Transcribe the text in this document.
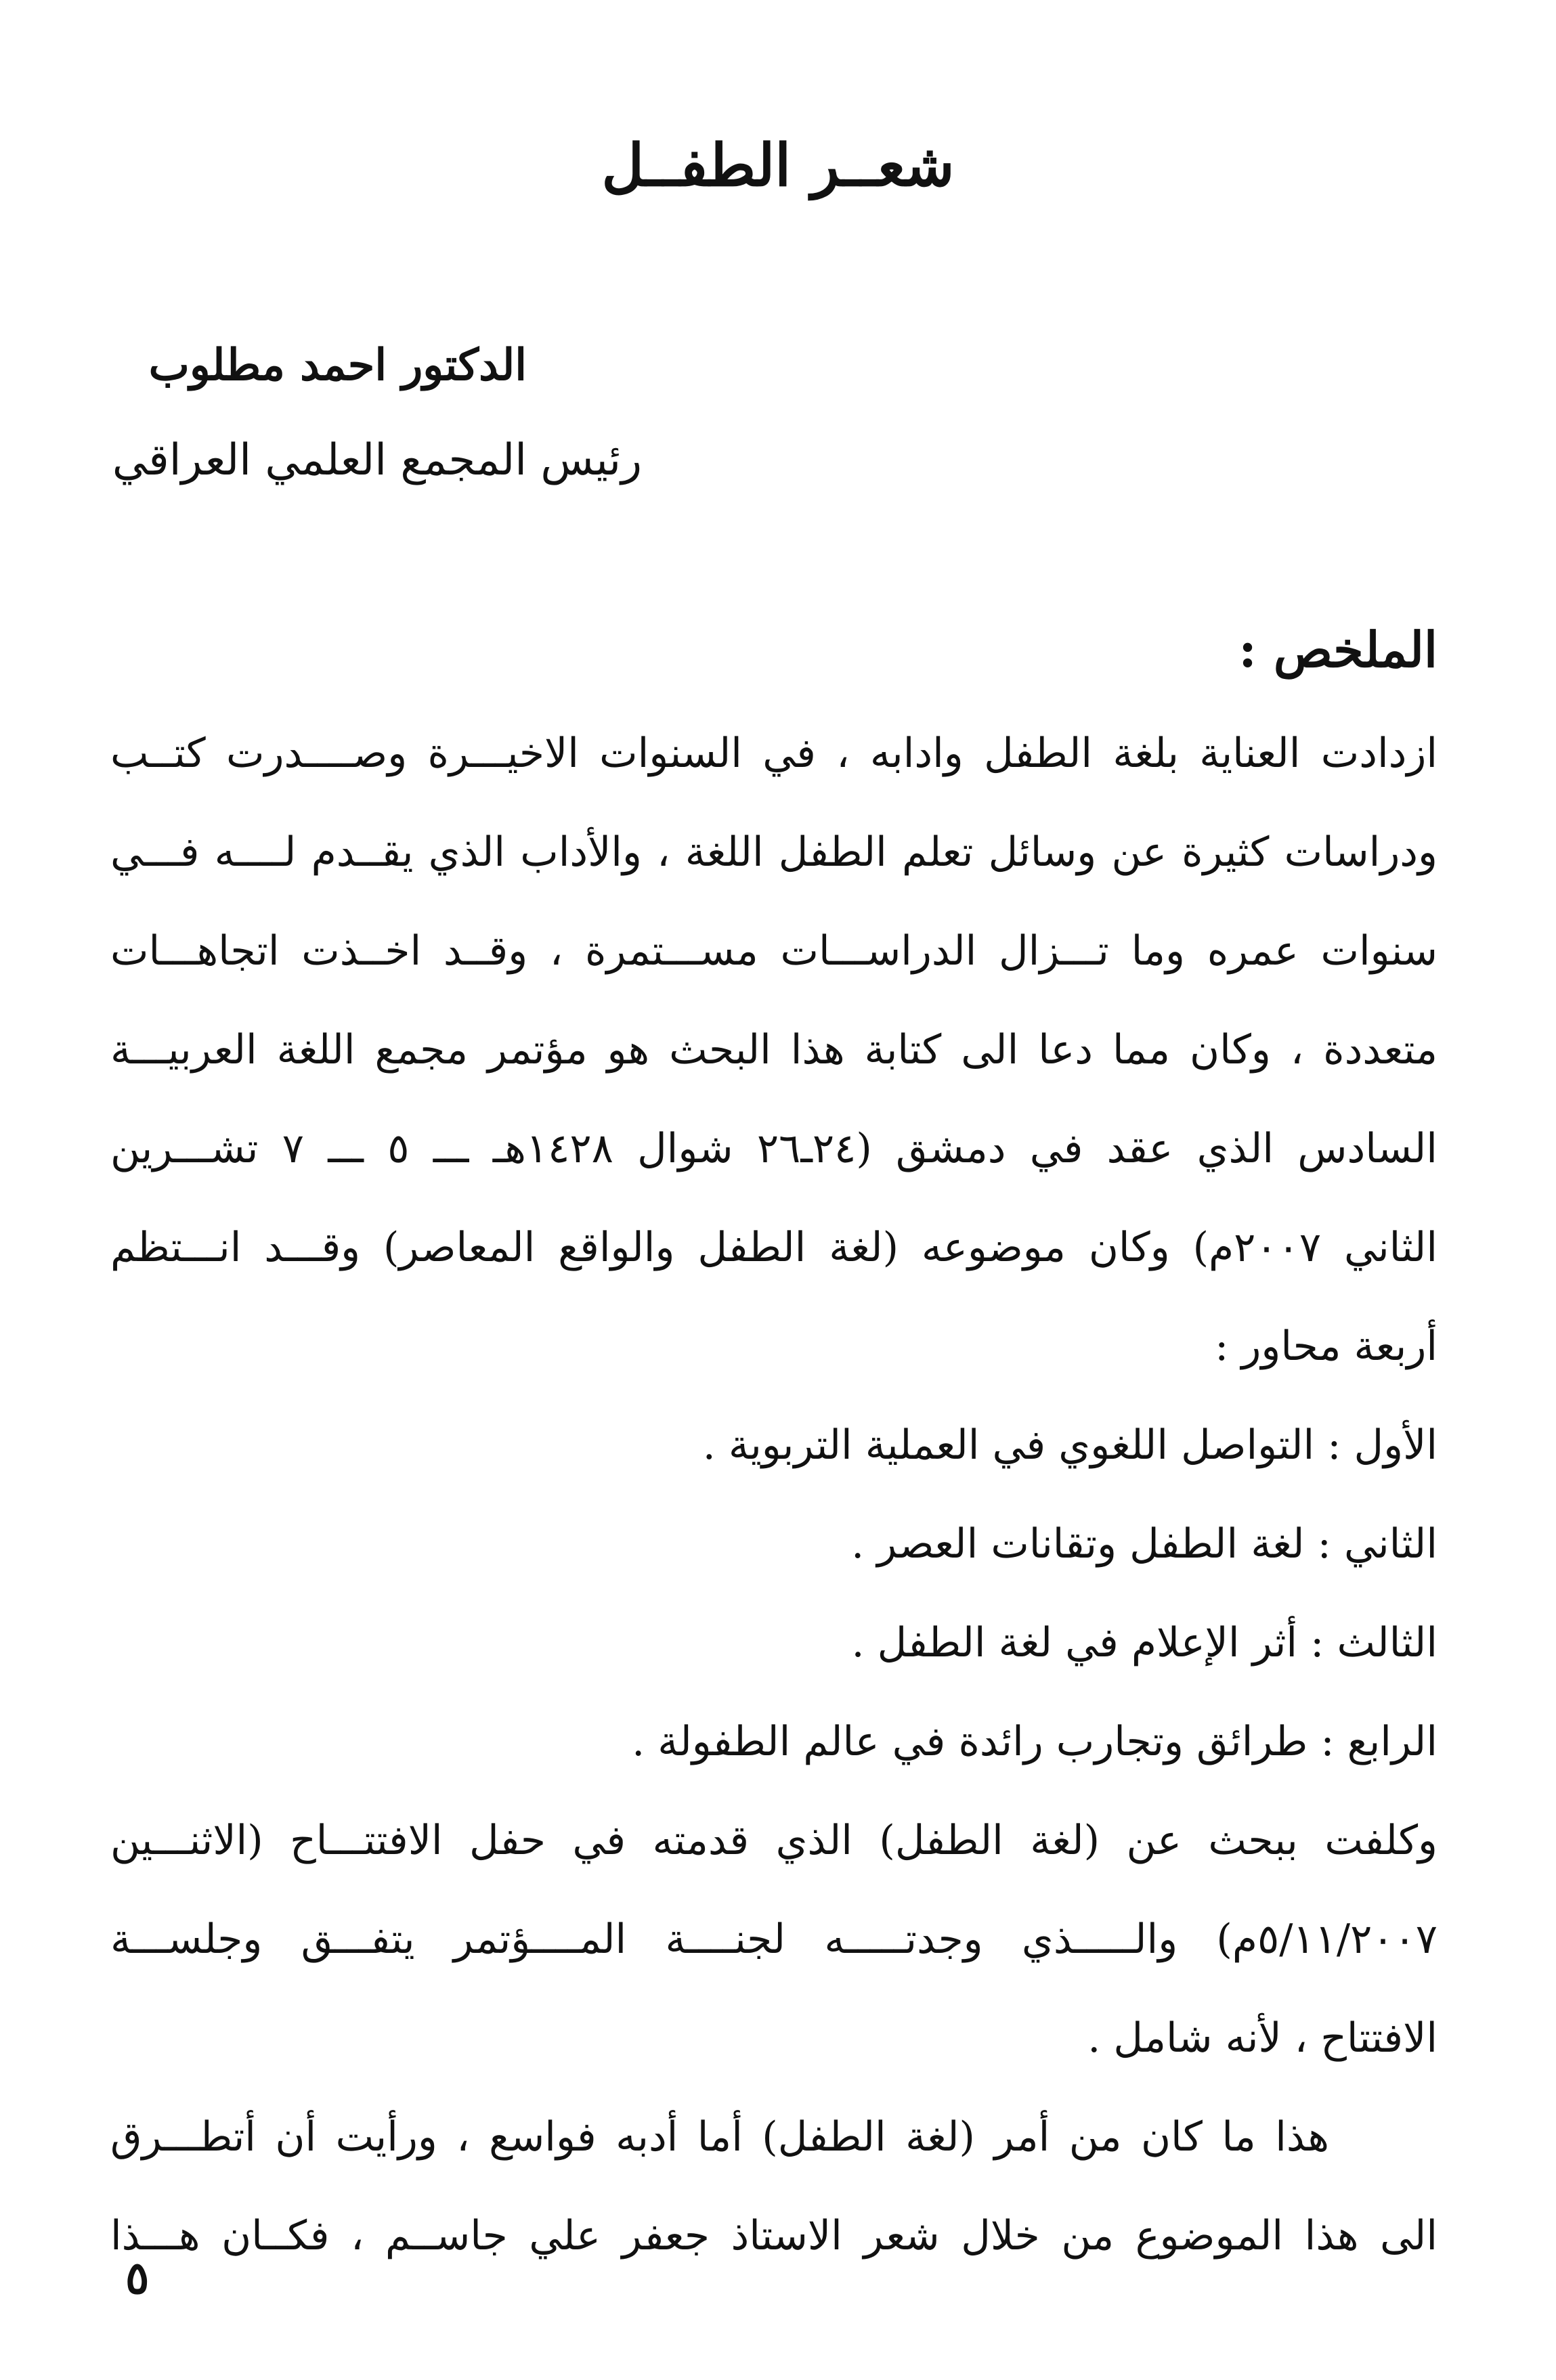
شعــر الطفــل
الدكتور احمد مطلوب
رئيس المجمع العلمي العراقي
الملخص :
ازدادت العناية بلغة الطفل وادابه ، في السنوات الاخيـــرة وصــــدرت كتــب
ودراسات كثيرة عن وسائل تعلم الطفل اللغة ، والأداب الذي يقــدم لــــه فـــي
سنوات عمره وما تـــزال الدراســـات مســـتمرة ، وقــد اخــذت اتجاهـــات
متعددة ، وكان مما دعا الى كتابة هذا البحث هو مؤتمر مجمع اللغة العربيـــة
السادس الذي عقد في دمشق (٢٤ـ٢٦ شوال ١٤٢٨هـ ـــ ٥ ـــ ٧ تشـــرين
الثاني ٢٠٠٧م) وكان موضوعه (لغة الطفل والواقع المعاصر) وقـــد انـــتظم
أربعة محاور :
الأول : التواصل اللغوي في العملية التربوية .
الثاني : لغة الطفل وتقانات العصر .
الثالث : أثر الإعلام في لغة الطفل .
الرابع : طرائق وتجارب رائدة في عالم الطفولة .
وكلفت ببحث عن (لغة الطفل) الذي قدمته في حفل الافتتـــاح (الاثنـــين
٥/١١/٢٠٠٧م) والـــــذي وجدتـــــه لجنــــة المــــؤتمر يتفـــق وجلســـة
الافتتاح ، لأنه شامل .
هذا ما كان من أمر (لغة الطفل) أما أدبه فواسع ، ورأيت أن أتطـــرق
الى هذا الموضوع من خلال شعر الاستاذ جعفر علي جاســم ، فكــان هـــذا
٥
